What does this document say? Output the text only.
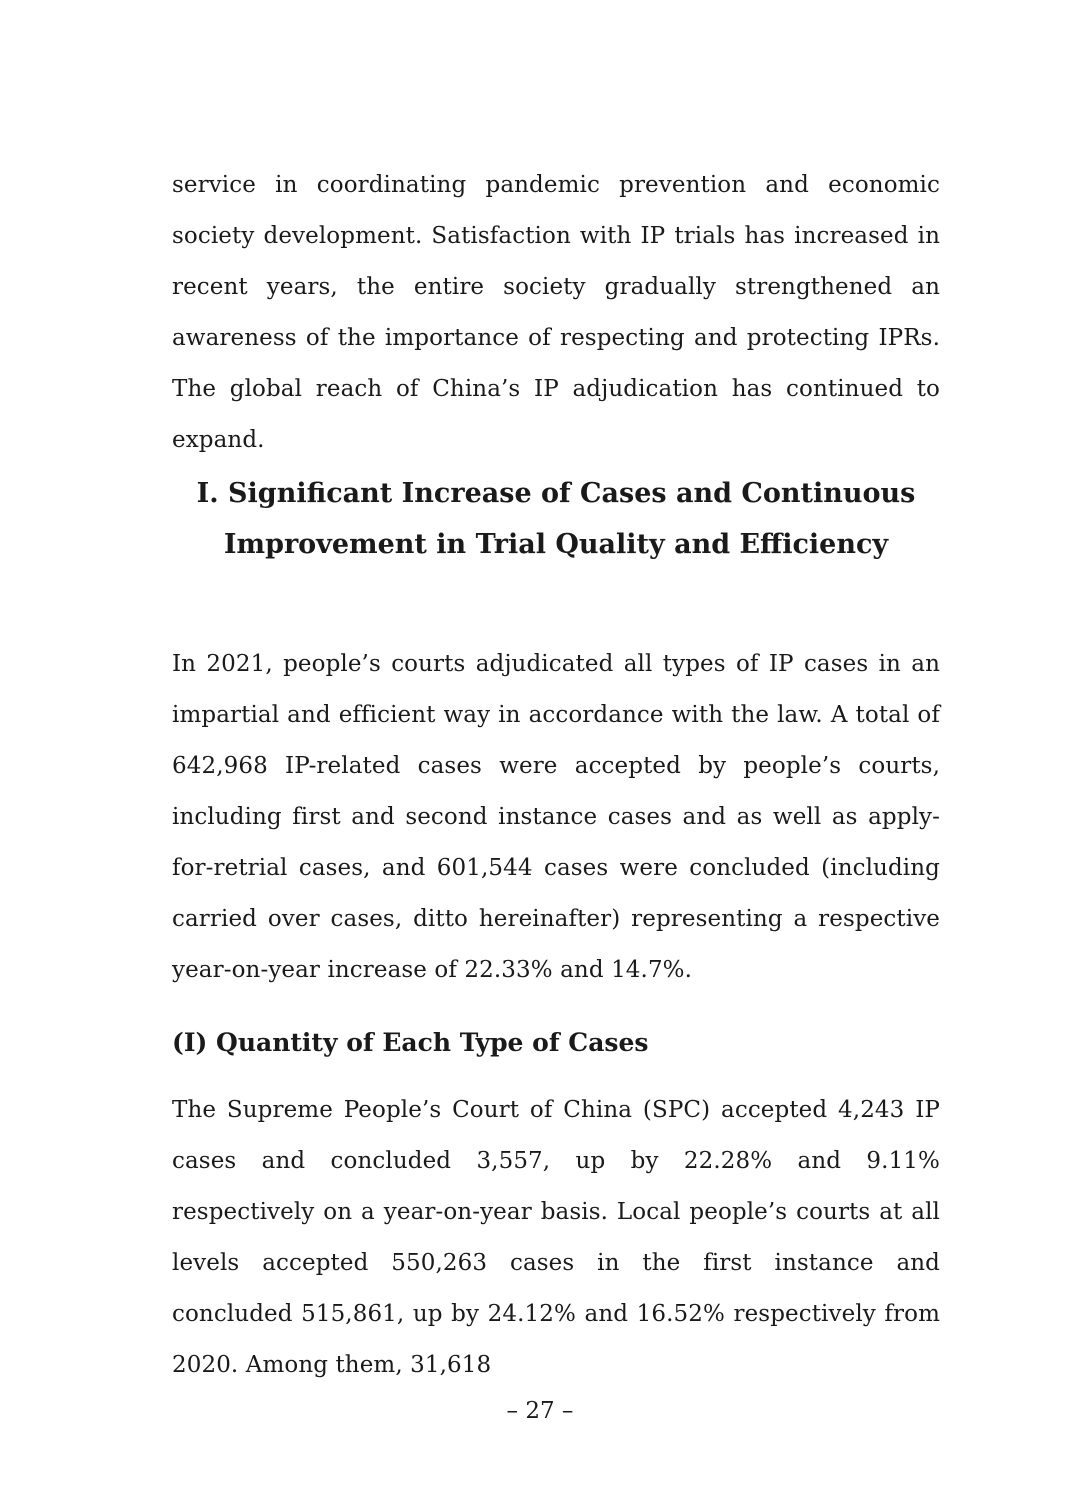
service in coordinating pandemic prevention and economic society development. Satisfaction with IP trials has increased in recent years, the entire society gradually strengthened an awareness of the importance of respecting and protecting IPRs. The global reach of China’s IP adjudication has continued to expand.

I. Significant Increase of Cases and Continuous
Improvement in Trial Quality and Efficiency

In 2021, people’s courts adjudicated all types of IP cases in an impartial and efficient way in accordance with the law. A total of 642,968 IP-related cases were accepted by people’s courts, including first and second instance cases and as well as apply-for-retrial cases, and 601,544 cases were concluded (including carried over cases, ditto hereinafter) representing a respective year-on-year increase of 22.33% and 14.7%.

(I) Quantity of Each Type of Cases

The Supreme People’s Court of China (SPC) accepted 4,243 IP cases and concluded 3,557, up by 22.28% and 9.11% respectively on a year-on-year basis. Local people’s courts at all levels accepted 550,263 cases in the first instance and concluded 515,861, up by 24.12% and 16.52% respectively from 2020. Among them, 31,618

– 27 –
